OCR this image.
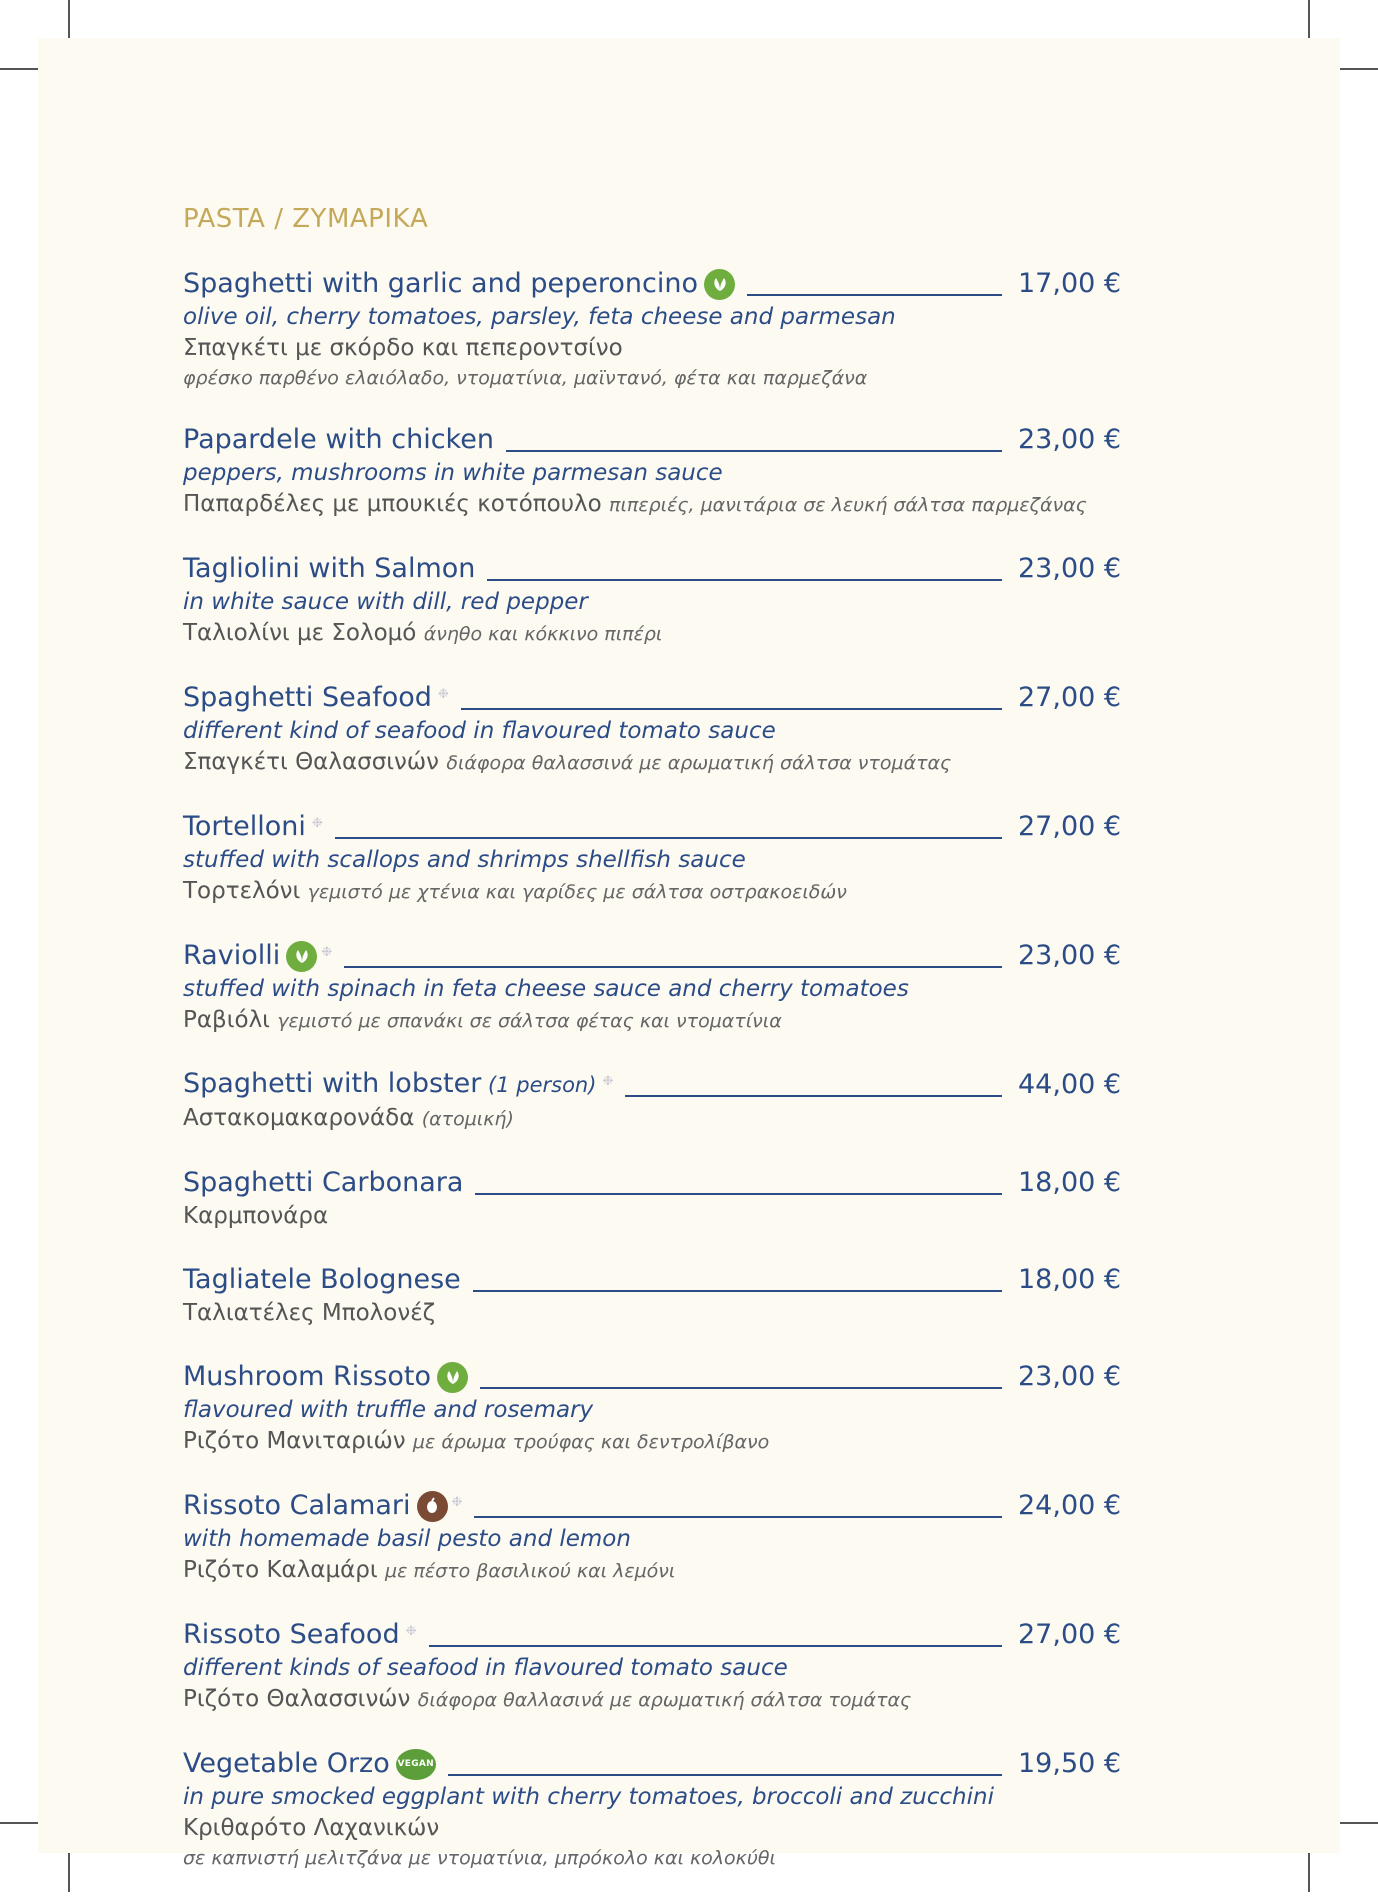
PASTA / ΖΥΜΑΡΙΚΑ
Spaghetti with garlic and peperoncino	17,00 €
olive oil, cherry tomatoes, parsley, feta cheese and parmesan
Σπαγκέτι με σκόρδο και πεπεροντσίνο
φρέσκο παρθένο ελαιόλαδο, ντοματίνια, μαϊντανό, φέτα και παρμεζάνα
Papardele with chicken	23,00 €
peppers, mushrooms in white parmesan sauce
Παπαρδέλες με μπουκιές κοτόπουλο πιπεριές, μανιτάρια σε λευκή σάλτσα παρμεζάνας
Tagliolini with Salmon	23,00 €
in white sauce with dill, red pepper
Ταλιολίνι με Σολομό άνηθο και κόκκινο πιπέρι
Spaghetti Seafood ❉	27,00 €
different kind of seafood in flavoured tomato sauce
Σπαγκέτι Θαλασσινών διάφορα θαλασσινά με αρωματική σάλτσα ντομάτας
Tortelloni ❉	27,00 €
stuffed with scallops and shrimps shellfish sauce
Τορτελόνι γεμιστό με χτένια και γαρίδες με σάλτσα οστρακοειδών
Raviolli	❉	23,00 €
stuffed with spinach in feta cheese sauce and cherry tomatoes
Ραβιόλι γεμιστό με σπανάκι σε σάλτσα φέτας και ντοματίνια
Spaghetti with lobster (1 person) ❉	44,00 €
Αστακομακαρονάδα (ατομική)
Spaghetti Carbonara	18,00 €
Καρμπονάρα
Tagliatele Bolognese	18,00 €
Ταλιατέλες Μπολονέζ
Mushroom Rissoto	23,00 €
flavoured with truffle and rosemary
Ριζότο Μανιταριών με άρωμα τρούφας και δεντρολίβανο
Rissoto Calamari	❉	24,00 €
with homemade basil pesto and lemon
Ριζότο Καλαμάρι με πέστο βασιλικού και λεμόνι
Rissoto Seafood ❉	27,00 €
different kinds of seafood in flavoured tomato sauce
Ριζότο Θαλασσινών διάφορα θαλλασινά με αρωματική σάλτσα τομάτας
Vegetable Orzo VEGAN	19,50 €
in pure smocked eggplant with cherry tomatoes, broccoli and zucchini
Κριθαρότο Λαχανικών
σε καπνιστή μελιτζάνα με ντοματίνια, μπρόκολο και κολοκύθι
